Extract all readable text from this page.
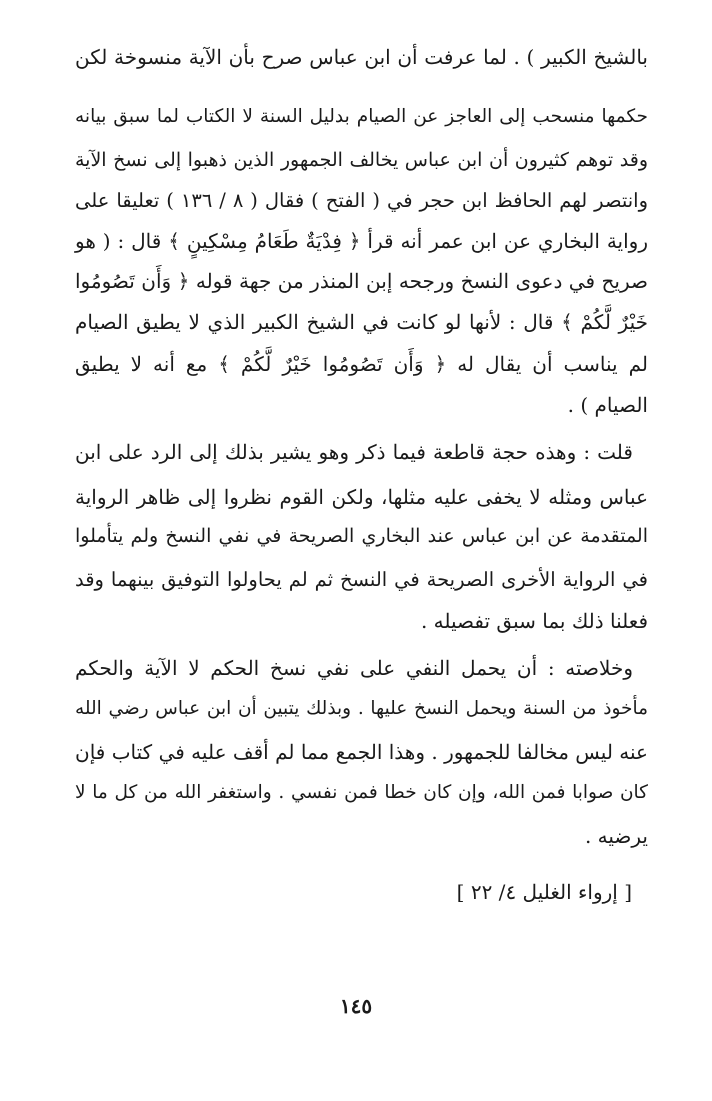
بالشيخ الكبير ) . لما عرفت أن ابن عباس صرح بأن الآية منسوخة لكن
حكمها منسحب إلى العاجز عن الصيام بدليل السنة لا الكتاب لما سبق بيانه
وقد توهم كثيرون أن ابن عباس يخالف الجمهور الذين ذهبوا إلى نسخ الآية
وانتصر لهم الحافظ ابن حجر في ( الفتح ) فقال ( ٨ / ١٣٦ ) تعليقا على
رواية البخاري عن ابن عمر أنه قرأ ﴿ فِدْيَةٌ طَعَامُ مِسْكِينٍ ﴾ قال : ( هو
صريح في دعوى النسخ ورجحه إبن المنذر من جهة قوله ﴿ وَأَن تَصُومُوا
خَيْرٌ لَّكُمْ ﴾ قال : لأنها لو كانت في الشيخ الكبير الذي لا يطيق الصيام
لم يناسب أن يقال له ﴿ وَأَن تَصُومُوا خَيْرٌ لَّكُمْ ﴾ مع أنه لا يطيق
الصيام ) .
قلت : وهذه حجة قاطعة فيما ذكر وهو يشير بذلك إلى الرد على ابن
عباس ومثله لا يخفى عليه مثلها، ولكن القوم نظروا إلى ظاهر الرواية
المتقدمة عن ابن عباس عند البخاري الصريحة في نفي النسخ ولم يتأملوا
في الرواية الأخرى الصريحة في النسخ ثم لم يحاولوا التوفيق بينهما وقد
فعلنا ذلك بما سبق تفصيله .
وخلاصته : أن يحمل النفي على نفي نسخ الحكم لا الآية والحكم
مأخوذ من السنة ويحمل النسخ عليها . وبذلك يتبين أن ابن عباس رضي الله
عنه ليس مخالفا للجمهور . وهذا الجمع مما لم أقف عليه في كتاب فإن
كان صوابا فمن الله، وإن كان خطا فمن نفسي . واستغفر الله من كل ما لا
يرضيه .
[ إرواء الغليل ٤/ ٢٢ ]
١٤٥
